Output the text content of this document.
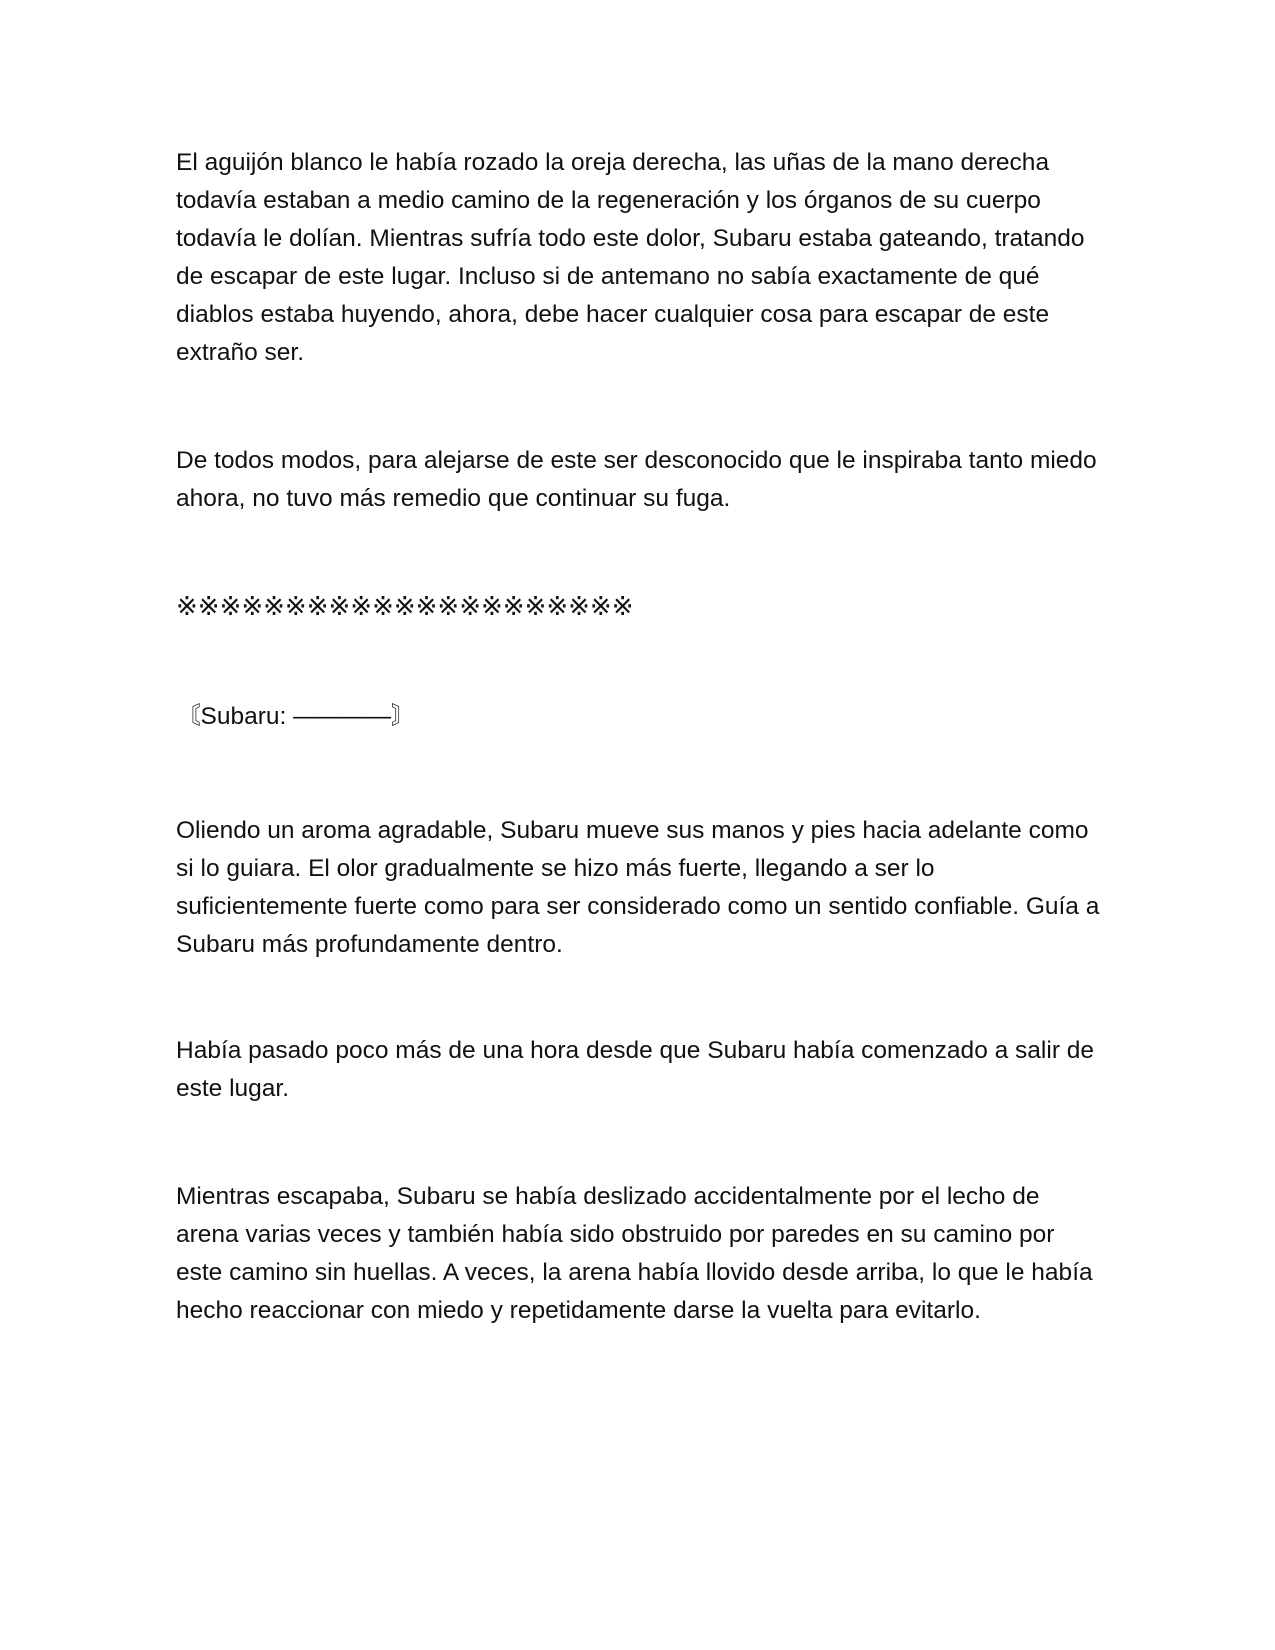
El aguijón blanco le había rozado la oreja derecha, las uñas de la mano derecha todavía estaban a medio camino de la regeneración y los órganos de su cuerpo todavía le dolían. Mientras sufría todo este dolor, Subaru estaba gateando, tratando de escapar de este lugar. Incluso si de antemano no sabía exactamente de qué diablos estaba huyendo, ahora, debe hacer cualquier cosa para escapar de este extraño ser.

De todos modos, para alejarse de este ser desconocido que le inspiraba tanto miedo ahora, no tuvo más remedio que continuar su fuga.

※※※※※※※※※※※※※※※※※※※※※

〘Subaru: ————〙

Oliendo un aroma agradable, Subaru mueve sus manos y pies hacia adelante como si lo guiara. El olor gradualmente se hizo más fuerte, llegando a ser lo suficientemente fuerte como para ser considerado como un sentido confiable. Guía a Subaru más profundamente dentro.

Había pasado poco más de una hora desde que Subaru había comenzado a salir de este lugar.

Mientras escapaba, Subaru se había deslizado accidentalmente por el lecho de arena varias veces y también había sido obstruido por paredes en su camino por este camino sin huellas. A veces, la arena había llovido desde arriba, lo que le había hecho reaccionar con miedo y repetidamente darse la vuelta para evitarlo.
